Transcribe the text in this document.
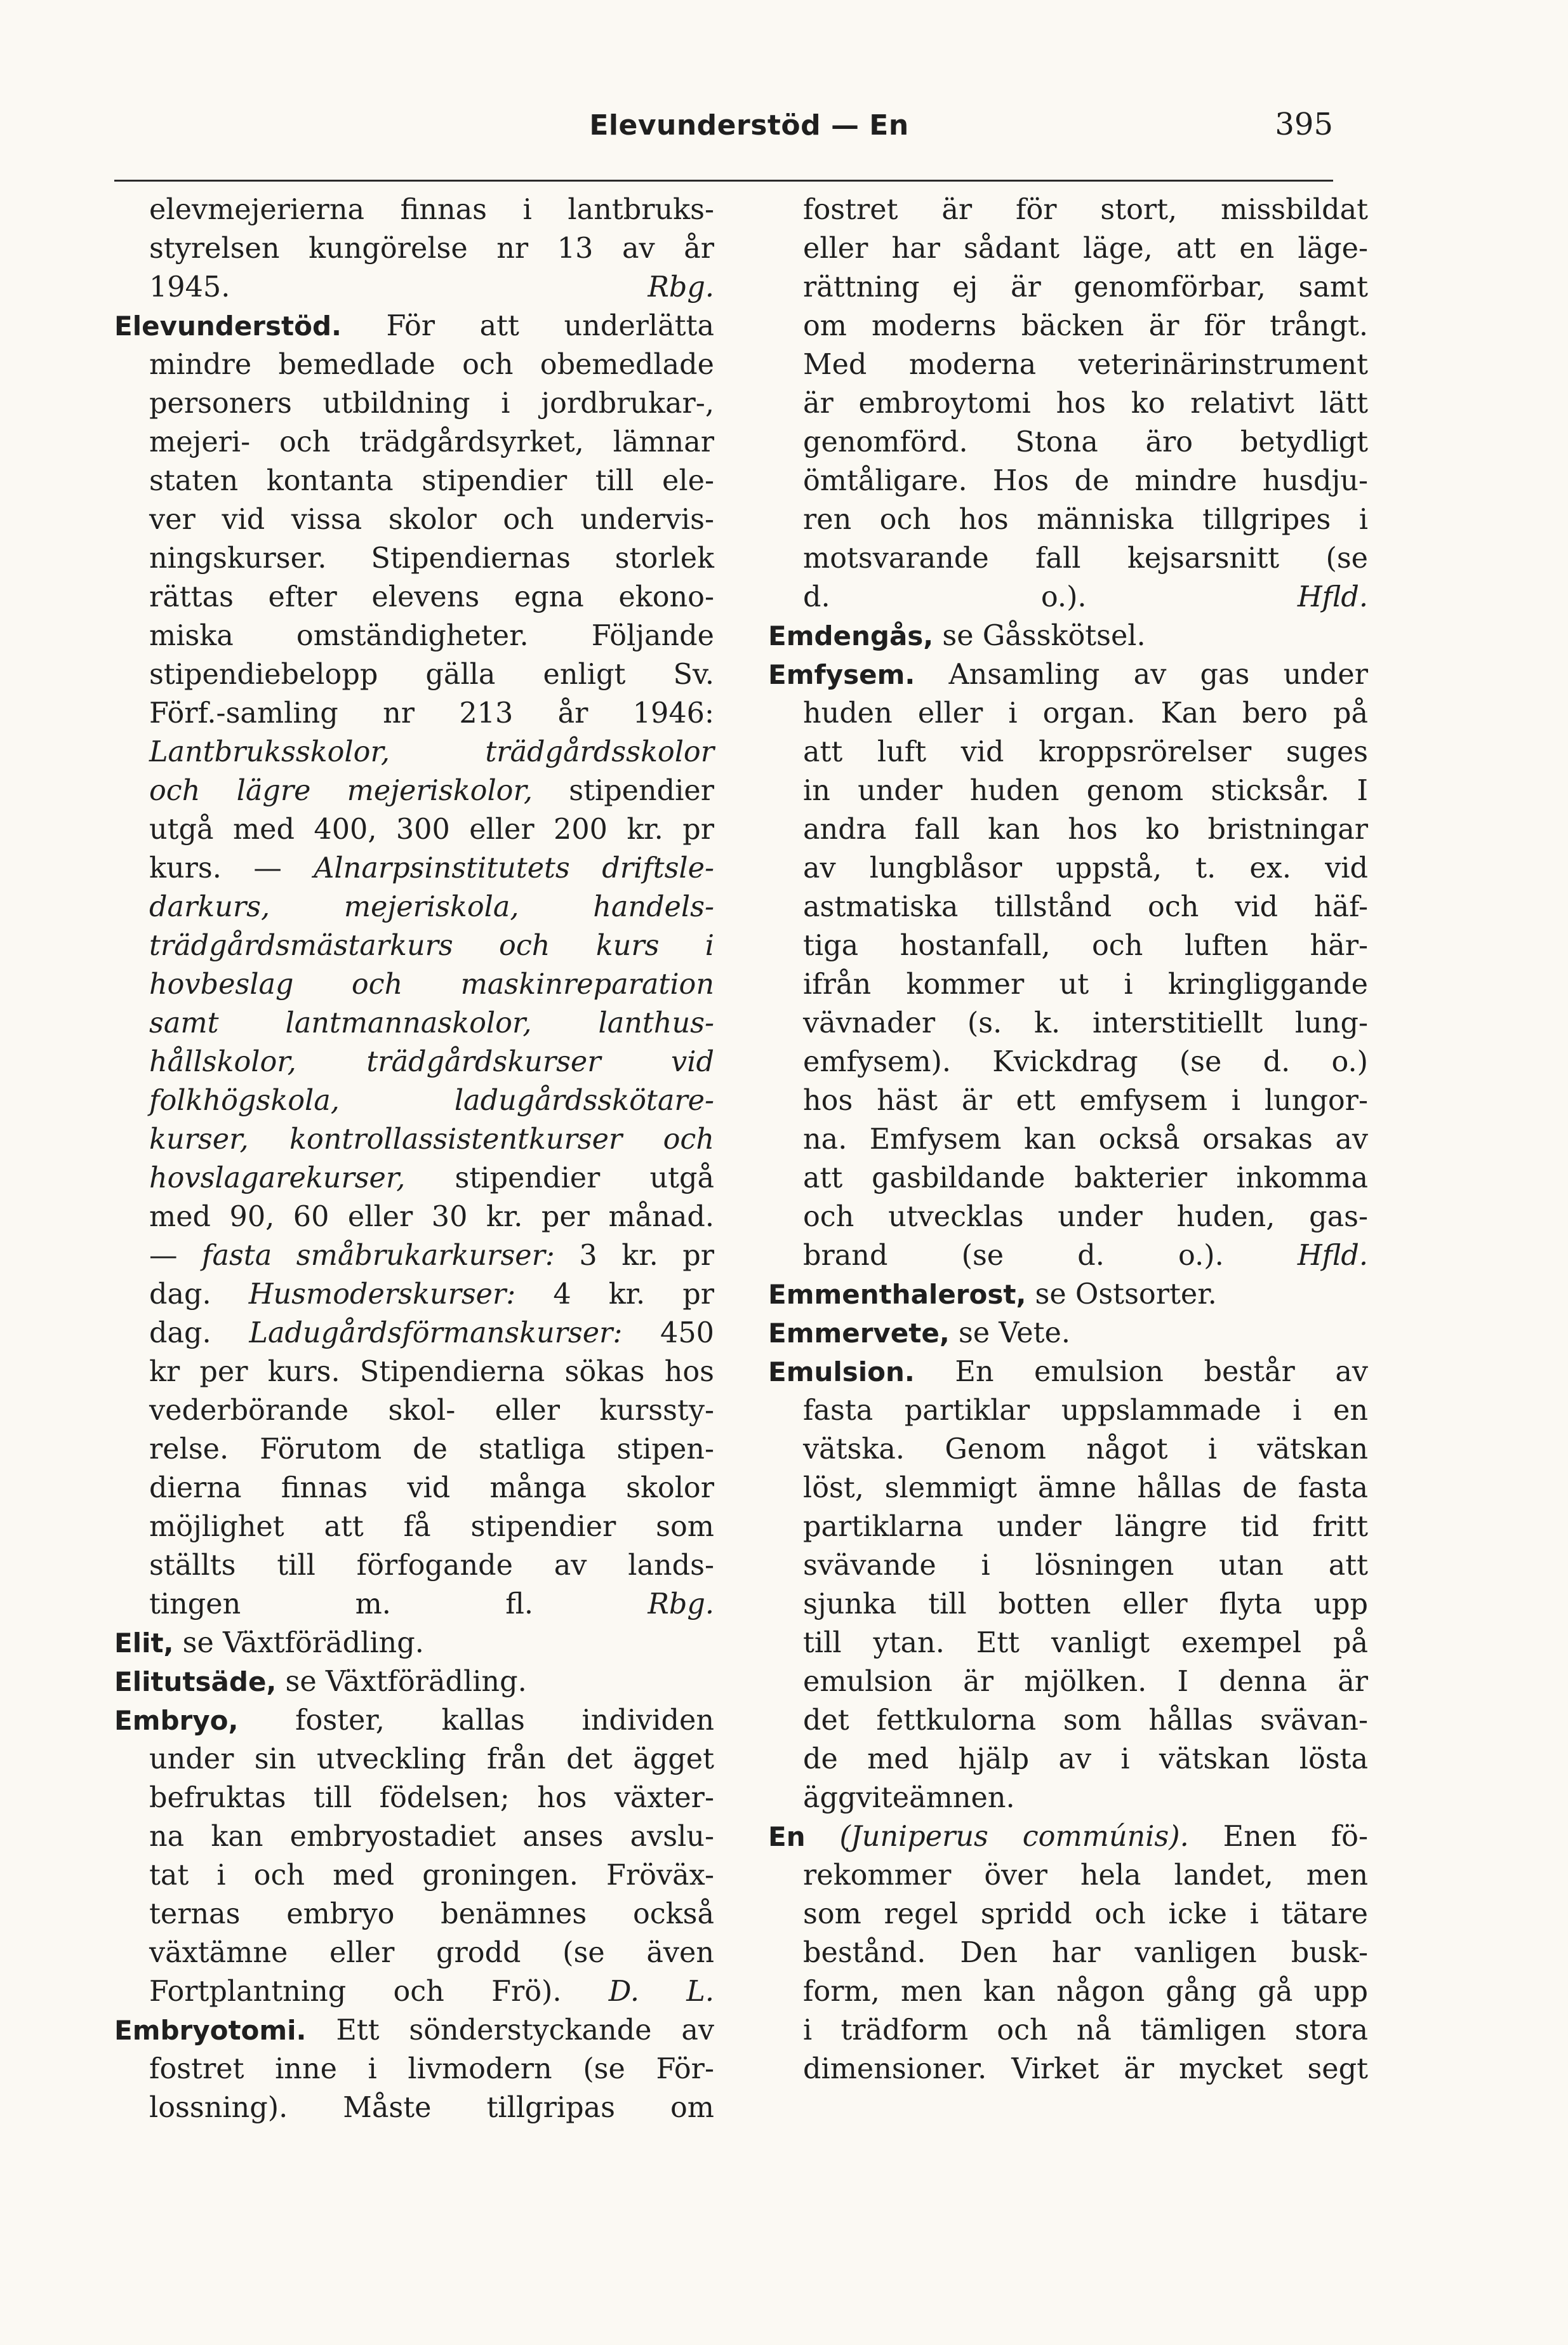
Elevunderstöd — En	395
elevmejerierna finnas i lantbruks-
styrelsen kungörelse nr 13 av år
1945. Rbg.
Elevunderstöd. För att underlätta
mindre bemedlade och obemedlade
personers utbildning i jordbrukar-,
mejeri- och trädgårdsyrket, lämnar
staten kontanta stipendier till ele-
ver vid vissa skolor och undervis-
ningskurser. Stipendiernas storlek
rättas efter elevens egna ekono-
miska omständigheter. Följande
stipendiebelopp gälla enligt Sv.
Förf.-samling nr 213 år 1946:
Lantbruksskolor, trädgårdsskolor
och lägre mejeriskolor, stipendier
utgå med 400, 300 eller 200 kr. pr
kurs. — Alnarpsinstitutets driftsle-
darkurs, mejeriskola, handels-
trädgårdsmästarkurs och kurs i
hovbeslag och maskinreparation
samt lantmannaskolor, lanthus-
hållskolor, trädgårdskurser vid
folkhögskola, ladugårdsskötare-
kurser, kontrollassistentkurser och
hovslagarekurser, stipendier utgå
med 90, 60 eller 30 kr. per månad.
— fasta småbrukarkurser: 3 kr. pr
dag. Husmoderskurser: 4 kr. pr
dag. Ladugårdsförmanskurser: 450
kr per kurs. Stipendierna sökas hos
vederbörande skol- eller kurssty-
relse. Förutom de statliga stipen-
dierna finnas vid många skolor
möjlighet att få stipendier som
ställts till förfogande av lands-
tingen m. fl. Rbg.
Elit, se Växtförädling.
Elitutsäde, se Växtförädling.
Embryo, foster, kallas individen
under sin utveckling från det ägget
befruktas till födelsen; hos växter-
na kan embryostadiet anses avslu-
tat i och med groningen. Fröväx-
ternas embryo benämnes också
växtämne eller grodd (se även
Fortplantning och Frö). D. L.
Embryotomi. Ett sönderstyckande av
fostret inne i livmodern (se För-
lossning). Måste tillgripas om
fostret är för stort, missbildat
eller har sådant läge, att en läge-
rättning ej är genomförbar, samt
om moderns bäcken är för trångt.
Med moderna veterinärinstrument
är embroytomi hos ko relativt lätt
genomförd. Stona äro betydligt
ömtåligare. Hos de mindre husdju-
ren och hos människa tillgripes i
motsvarande fall kejsarsnitt (se
d. o.). Hfld.
Emdengås, se Gåsskötsel.
Emfysem. Ansamling av gas under
huden eller i organ. Kan bero på
att luft vid kroppsrörelser suges
in under huden genom sticksår. I
andra fall kan hos ko bristningar
av lungblåsor uppstå, t. ex. vid
astmatiska tillstånd och vid häf-
tiga hostanfall, och luften här-
ifrån kommer ut i kringliggande
vävnader (s. k. interstitiellt lung-
emfysem). Kvickdrag (se d. o.)
hos häst är ett emfysem i lungor-
na. Emfysem kan också orsakas av
att gasbildande bakterier inkomma
och utvecklas under huden, gas-
brand (se d. o.). Hfld.
Emmenthalerost, se Ostsorter.
Emmervete, se Vete.
Emulsion. En emulsion består av
fasta partiklar uppslammade i en
vätska. Genom något i vätskan
löst, slemmigt ämne hållas de fasta
partiklarna under längre tid fritt
svävande i lösningen utan att
sjunka till botten eller flyta upp
till ytan. Ett vanligt exempel på
emulsion är mjölken. I denna är
det fettkulorna som hållas svävan-
de med hjälp av i vätskan lösta
äggviteämnen.
En (Juniperus commúnis). Enen fö-
rekommer över hela landet, men
som regel spridd och icke i tätare
bestånd. Den har vanligen busk-
form, men kan någon gång gå upp
i trädform och nå tämligen stora
dimensioner. Virket är mycket segt
